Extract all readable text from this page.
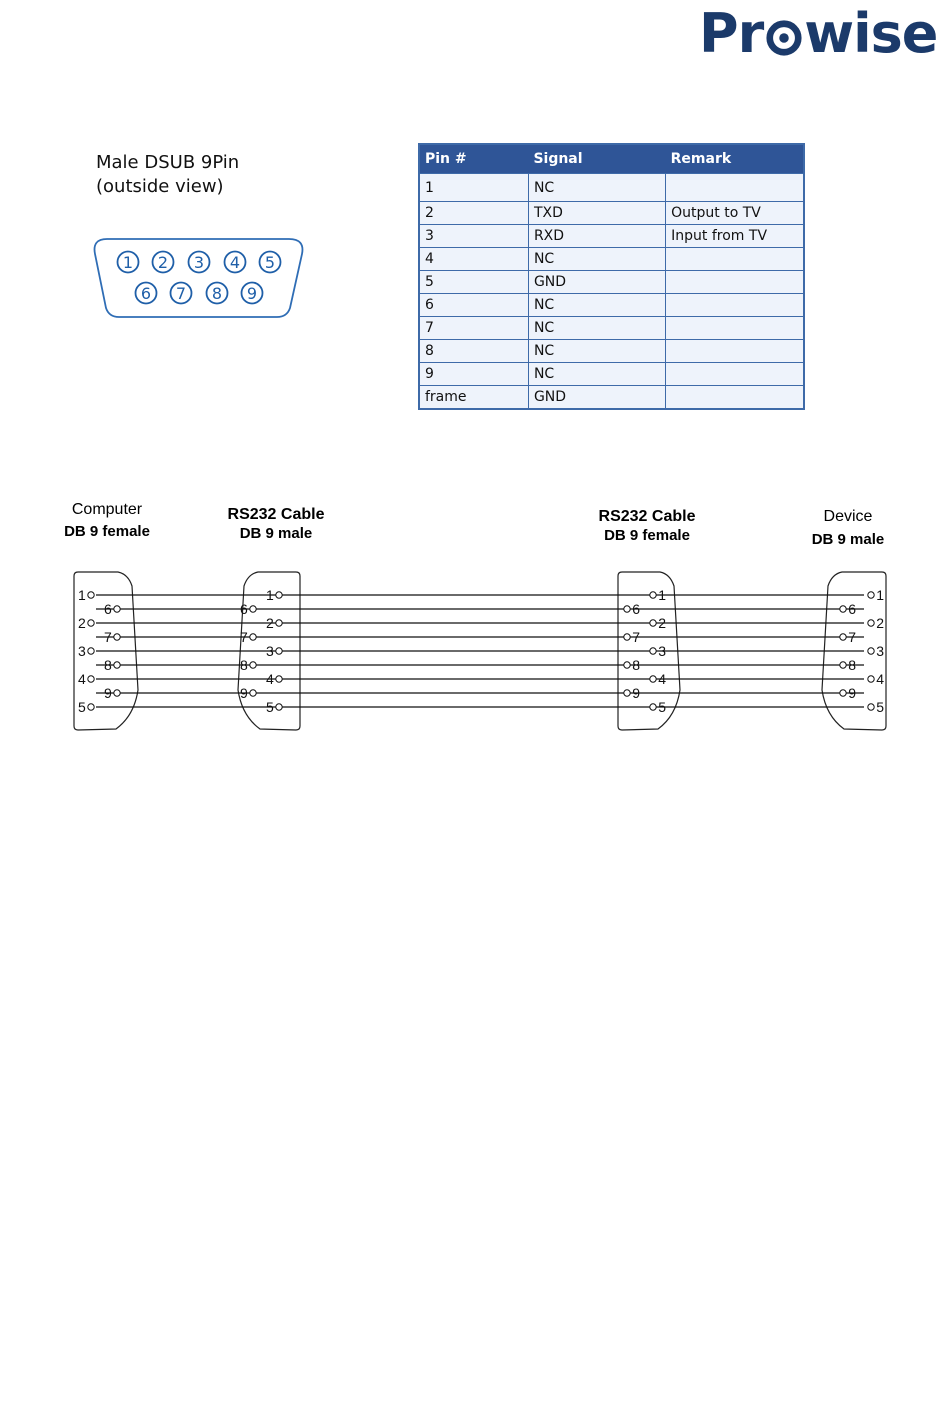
Pr wise
Male DSUB 9Pin
(outside view)
1 2 3 4 5
6 7 8 9
Pin #	Signal	Remark
1	NC	
2	TXD	Output to TV
3	RXD	Input from TV
4	NC	
5	GND	
6	NC	
7	NC	
8	NC	
9	NC	
frame	GND	
Computer
DB 9 female
RS232 Cable
DB 9 male
RS232 Cable
DB 9 female
Device
DB 9 male
1
6
2
7
3
8
4
9
5
1
6
2
7
3
8
4
9
5
1
6
2
7
3
8
4
9
5
1
6
2
7
3
8
4
9
5
